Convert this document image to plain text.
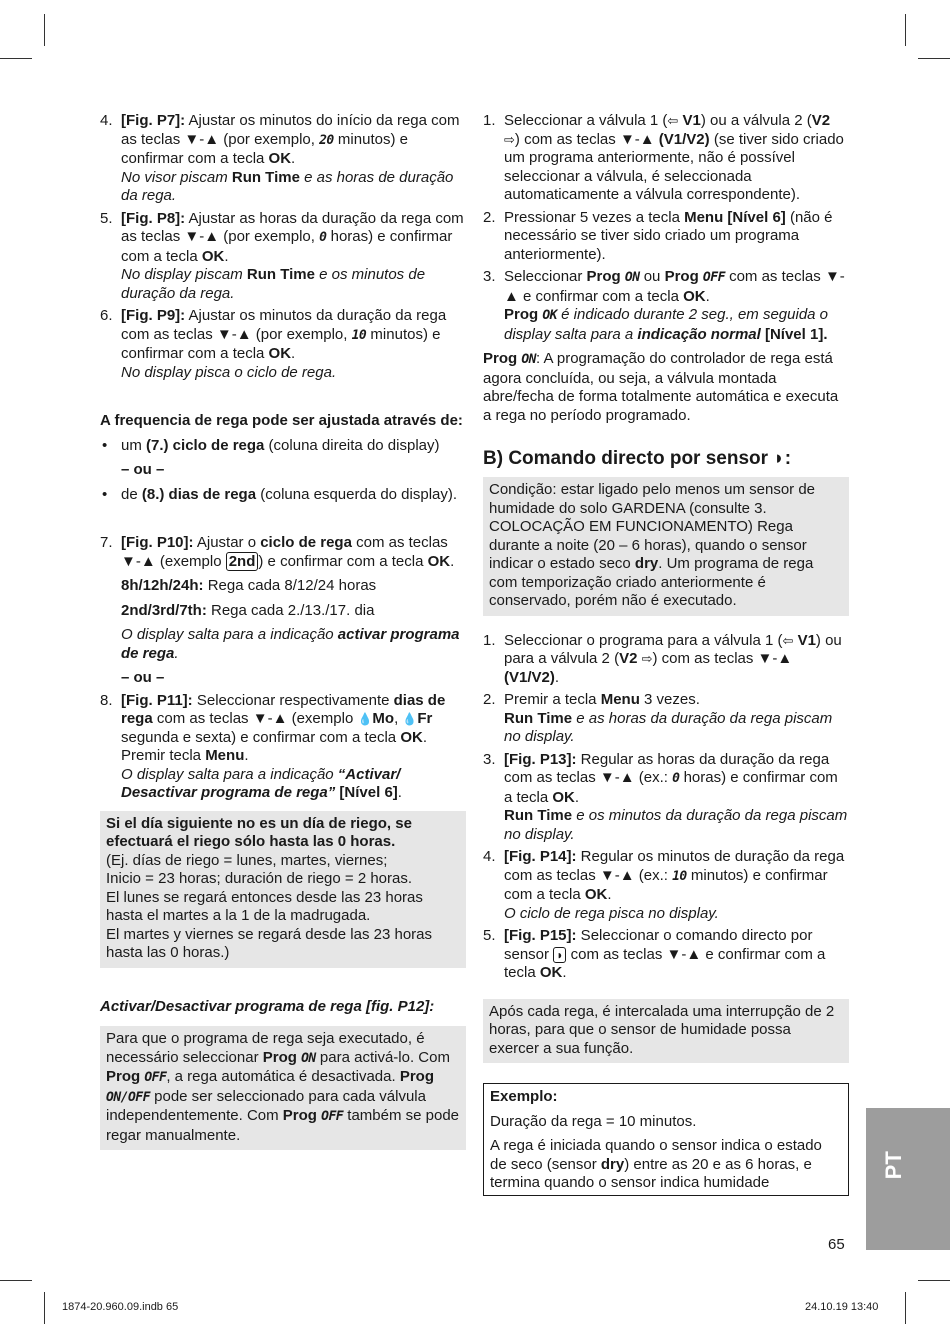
4. [Fig. P7]: Ajustar os minutos do início da rega com as teclas ▼-▲ (por exemplo, 20 minutos) e confirmar com a tecla OK.

No visor piscam Run Time e as horas de duração da rega.

5. [Fig. P8]: Ajustar as horas da duração da rega com as teclas ▼-▲ (por exemplo, 0 horas) e confirmar com a tecla OK.

No display piscam Run Time e os minutos de duração da rega.

6. [Fig. P9]: Ajustar os minutos da duração da rega com as teclas ▼-▲ (por exemplo, 10 minutos) e confirmar com a tecla OK.

No display pisca o ciclo de rega.

A frequencia de rega pode ser ajustada através de:

• um (7.) ciclo de rega (coluna direita do display)

– ou –

• de (8.) dias de rega (coluna esquerda do display).

7. [Fig. P10]: Ajustar o ciclo de rega com as teclas ▼-▲ (exemplo 2nd ) e confirmar com a tecla OK.

8h/12h/24h: Rega cada 8/12/24 horas

2nd/3rd/7th: Rega cada 2./13./17. dia

O display salta para a indicação activar programa de rega.

– ou –

8. [Fig. P11]: Seleccionar respectivamente dias de rega com as teclas ▼-▲ (exemplo 💧Mo, 💧Fr segunda e sexta) e confirmar com a tecla OK. Premir tecla Menu.

O display salta para a indicação “Activar/ Desactivar programa de rega” [Nível 6].

Si el día siguiente no es un día de riego, se efectuará el riego sólo hasta las 0 horas.

(Ej. días de riego = lunes, martes, viernes;

Inicio = 23 horas; duración de riego = 2 horas.

El lunes se regará entonces desde las 23 horas hasta el martes a la 1 de la madrugada.

El martes y viernes se regará desde las 23 horas hasta las 0 horas.)

Activar/Desactivar programa de rega [fig. P12]:

Para que o programa de rega seja executado, é necessário seleccionar Prog ON para activá-lo. Com Prog OFF, a rega automática é desactivada. Prog ON/OFF pode ser seleccionado para cada válvula independentemente. Com Prog OFF também se pode regar manualmente.

1. Seleccionar a válvula 1 (⇦ V1) ou a válvula 2 (V2 ⇨) com as teclas ▼-▲ (V1/V2) (se tiver sido criado um programa anteriormente, não é possível seleccionar a válvula, é seleccionada automaticamente a válvula correspondente).

2. Pressionar 5 vezes a tecla Menu [Nível 6] (não é necessário se tiver sido criado um programa anteriormente).

3. Seleccionar Prog ON ou Prog OFF com as teclas ▼-▲ e confirmar com a tecla OK.

Prog OK é indicado durante 2 seg., em seguida o display salta para a indicação normal [Nível 1].

Prog ON: A programação do controlador de rega está agora concluída, ou seja, a válvula montada abre/fecha de forma totalmente automática e executa a rega no período programado.

B) Comando directo por sensor ◗:

Condição: estar ligado pelo menos um sensor de humidade do solo GARDENA (consulte 3. COLOCAÇÃO EM FUNCIONAMENTO) Rega durante a noite (20 – 6 horas), quando o sensor indicar o estado seco dry. Um programa de rega com temporização criado anteriormente é conservado, porém não é executado.

1. Seleccionar o programa para a válvula 1 (⇦ V1) ou para a válvula 2 (V2 ⇨) com as teclas ▼-▲ (V1/V2).

2. Premir a tecla Menu 3 vezes.

Run Time e as horas da duração da rega piscam no display.

3. [Fig. P13]: Regular as horas da duração da rega com as teclas ▼-▲ (ex.: 0 horas) e confirmar com a tecla OK.

Run Time e os minutos da duração da rega piscam no display.

4. [Fig. P14]: Regular os minutos de duração da rega com as teclas ▼-▲ (ex.: 10 minutos) e confirmar com a tecla OK.

O ciclo de rega pisca no display.

5. [Fig. P15]: Seleccionar o comando directo por sensor ◗ com as teclas ▼-▲ e confirmar com a tecla OK.

Após cada rega, é intercalada uma interrupção de 2 horas, para que o sensor de humidade possa exercer a sua função.

Exemplo:

Duração da rega = 10 minutos.

A rega é iniciada quando o sensor indica o estado de seco (sensor dry) entre as 20 e as 6 horas, e termina quando o sensor indica humidade

PT
65
1874-20.960.09.indb 65	24.10.19 13:40
